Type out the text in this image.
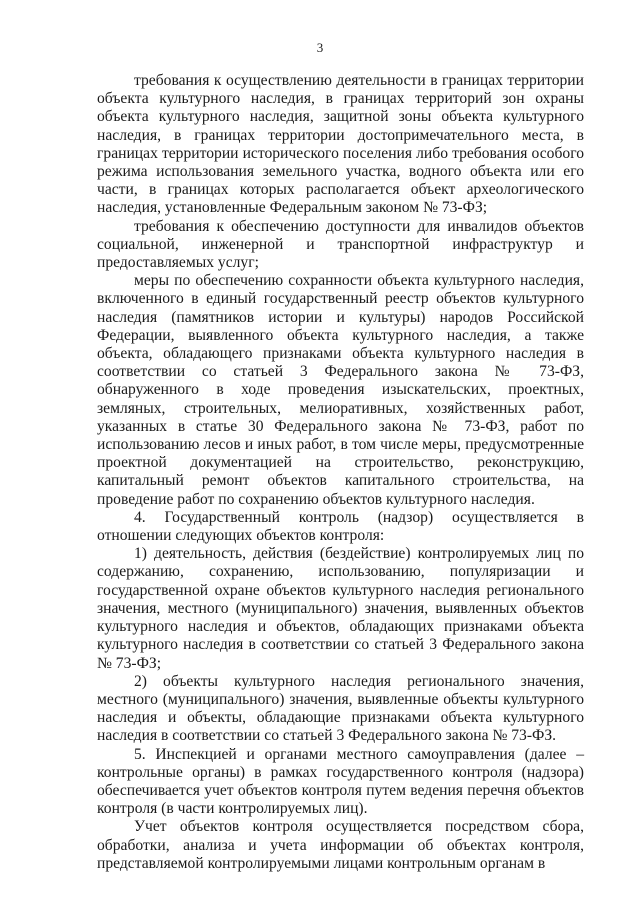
3

требования к осуществлению деятельности в границах территории объекта культурного наследия, в границах территорий зон охраны объекта культурного наследия, защитной зоны объекта культурного наследия, в границах территории достопримечательного места, в границах территории исторического поселения либо требования особого режима использования земельного участка, водного объекта или его части, в границах которых располагается объект археологического наследия, установленные Федеральным законом № 73-ФЗ;

требования к обеспечению доступности для инвалидов объектов социальной, инженерной и транспортной инфраструктур и предоставляемых услуг;

меры по обеспечению сохранности объекта культурного наследия, включенного в единый государственный реестр объектов культурного наследия (памятников истории и культуры) народов Российской Федерации, выявленного объекта культурного наследия, а также объекта, обладающего признаками объекта культурного наследия в соответствии со статьей 3 Федерального закона № 73-ФЗ, обнаруженного в ходе проведения изыскательских, проектных, земляных, строительных, мелиоративных, хозяйственных работ, указанных в статье 30 Федерального закона № 73-ФЗ, работ по использованию лесов и иных работ, в том числе меры, предусмотренные проектной документацией на строительство, реконструкцию, капитальный ремонт объектов капитального строительства, на проведение работ по сохранению объектов культурного наследия.

4. Государственный контроль (надзор) осуществляется в отношении следующих объектов контроля:

1) деятельность, действия (бездействие) контролируемых лиц по содержанию, сохранению, использованию, популяризации и государственной охране объектов культурного наследия регионального значения, местного (муниципального) значения, выявленных объектов культурного наследия и объектов, обладающих признаками объекта культурного наследия в соответствии со статьей 3 Федерального закона № 73-ФЗ;

2) объекты культурного наследия регионального значения, местного (муниципального) значения, выявленные объекты культурного наследия и объекты, обладающие признаками объекта культурного наследия в соответствии со статьей 3 Федерального закона № 73-ФЗ.

5. Инспекцией и органами местного самоуправления (далее – контрольные органы) в рамках государственного контроля (надзора) обеспечивается учет объектов контроля путем ведения перечня объектов контроля (в части контролируемых лиц).

Учет объектов контроля осуществляется посредством сбора, обработки, анализа и учета информации об объектах контроля, представляемой контролируемыми лицами контрольным органам в
